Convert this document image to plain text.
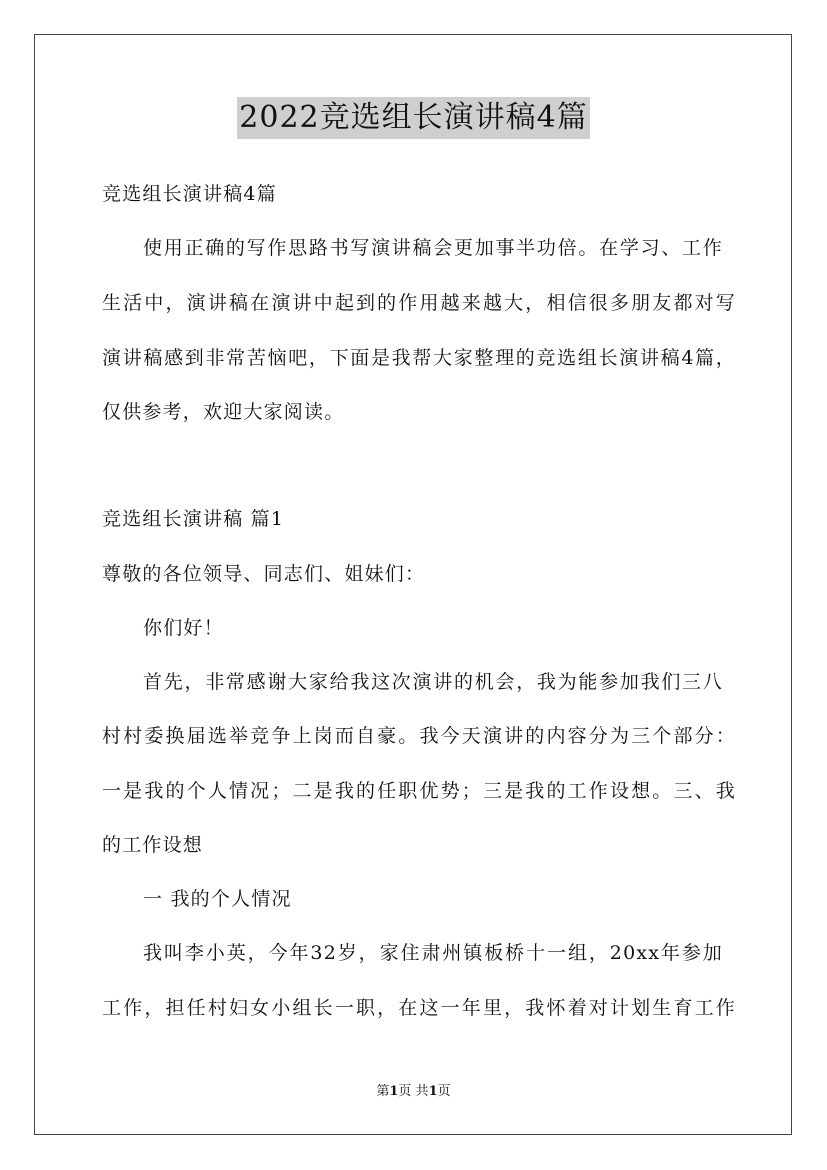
2022竞选组长演讲稿4篇
竞选组长演讲稿4篇
使用正确的写作思路书写演讲稿会更加事半功倍。在学习、工作
生活中，演讲稿在演讲中起到的作用越来越大，相信很多朋友都对写
演讲稿感到非常苦恼吧，下面是我帮大家整理的竞选组长演讲稿4篇，
仅供参考，欢迎大家阅读。
竞选组长演讲稿 篇1
尊敬的各位领导、同志们、姐妹们：
你们好！
首先，非常感谢大家给我这次演讲的机会，我为能参加我们三八
村村委换届选举竞争上岗而自豪。我今天演讲的内容分为三个部分：
一是我的个人情况；二是我的任职优势；三是我的工作设想。三、我
的工作设想
一 我的个人情况
我叫李小英，今年32岁，家住肃州镇板桥十一组，20xx年参加
工作，担任村妇女小组长一职，在这一年里，我怀着对计划生育工作
第1页 共1页
